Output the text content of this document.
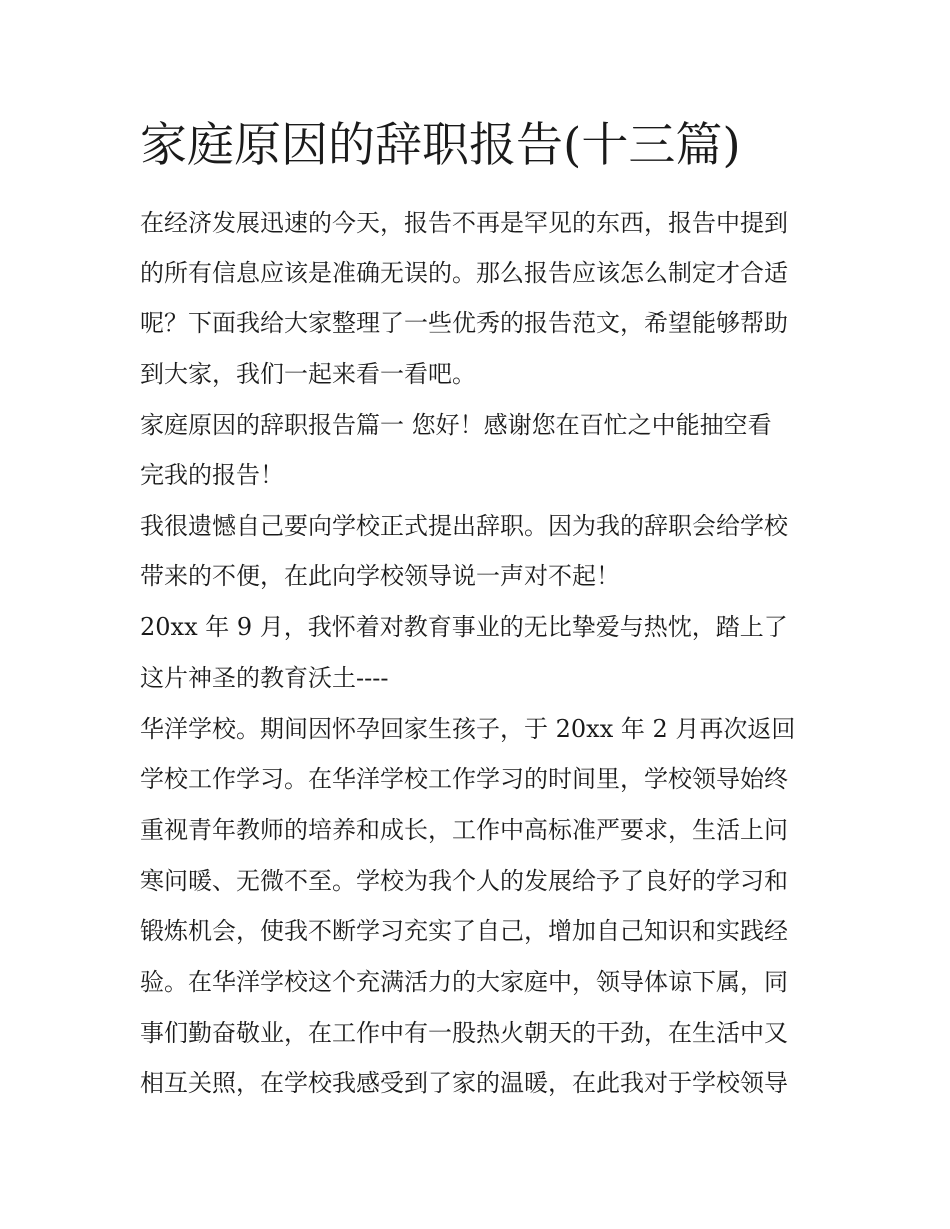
家庭原因的辞职报告(十三篇)

在经济发展迅速的今天，报告不再是罕见的东西，报告中提到

的所有信息应该是准确无误的。那么报告应该怎么制定才合适

呢？下面我给大家整理了一些优秀的报告范文，希望能够帮助

到大家，我们一起来看一看吧。

家庭原因的辞职报告篇一 您好！感谢您在百忙之中能抽空看

完我的报告！

我很遗憾自己要向学校正式提出辞职。因为我的辞职会给学校

带来的不便，在此向学校领导说一声对不起！

20xx 年 9 月，我怀着对教育事业的无比挚爱与热忱，踏上了

这片神圣的教育沃土----

华洋学校。期间因怀孕回家生孩子，于 20xx 年 2 月再次返回

学校工作学习。在华洋学校工作学习的时间里，学校领导始终

重视青年教师的培养和成长，工作中高标准严要求，生活上问

寒问暖、无微不至。学校为我个人的发展给予了良好的学习和

锻炼机会，使我不断学习充实了自己，增加自己知识和实践经

验。在华洋学校这个充满活力的大家庭中，领导体谅下属，同

事们勤奋敬业，在工作中有一股热火朝天的干劲，在生活中又

相互关照，在学校我感受到了家的温暖，在此我对于学校领导
